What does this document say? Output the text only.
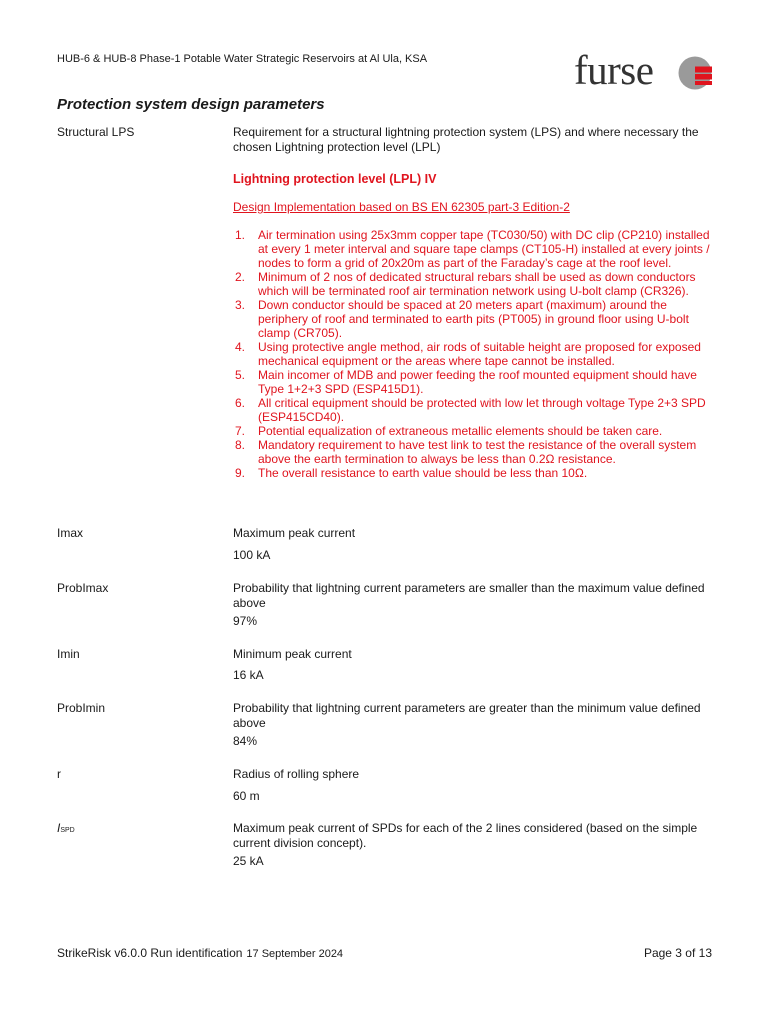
HUB-6 & HUB-8 Phase-1 Potable Water Strategic Reservoirs at Al Ula, KSA	furse
Protection system design parameters
Structural LPS	Requirement for a structural lightning protection system (LPS) and where necessary the chosen Lightning protection level (LPL)
Lightning protection level (LPL) IV
Design Implementation based on BS EN 62305 part-3 Edition-2
1. Air termination using 25x3mm copper tape (TC030/50) with DC clip (CP210) installed at every 1 meter interval and square tape clamps (CT105-H) installed at every joints / nodes to form a grid of 20x20m as part of the Faraday’s cage at the roof level.
2. Minimum of 2 nos of dedicated structural rebars shall be used as down conductors which will be terminated roof air termination network using U-bolt clamp (CR326).
3. Down conductor should be spaced at 20 meters apart (maximum) around the periphery of roof and terminated to earth pits (PT005) in ground floor using U-bolt clamp (CR705).
4. Using protective angle method, air rods of suitable height are proposed for exposed mechanical equipment or the areas where tape cannot be installed.
5. Main incomer of MDB and power feeding the roof mounted equipment should have Type 1+2+3 SPD (ESP415D1).
6. All critical equipment should be protected with low let through voltage Type 2+3 SPD (ESP415CD40).
7. Potential equalization of extraneous metallic elements should be taken care.
8. Mandatory requirement to have test link to test the resistance of the overall system above the earth termination to always be less than 0.2Ω resistance.
9. The overall resistance to earth value should be less than 10Ω.
Imax	Maximum peak current
100 kA
ProbImax	Probability that lightning current parameters are smaller than the maximum value defined above
97%
Imin	Minimum peak current
16 kA
ProbImin	Probability that lightning current parameters are greater than the minimum value defined above
84%
r	Radius of rolling sphere
60 m
ISPD	Maximum peak current of SPDs for each of the 2 lines considered (based on the simple current division concept).
25 kA
StrikeRisk v6.0.0 Run identification 17 September 2024	Page 3 of 13
